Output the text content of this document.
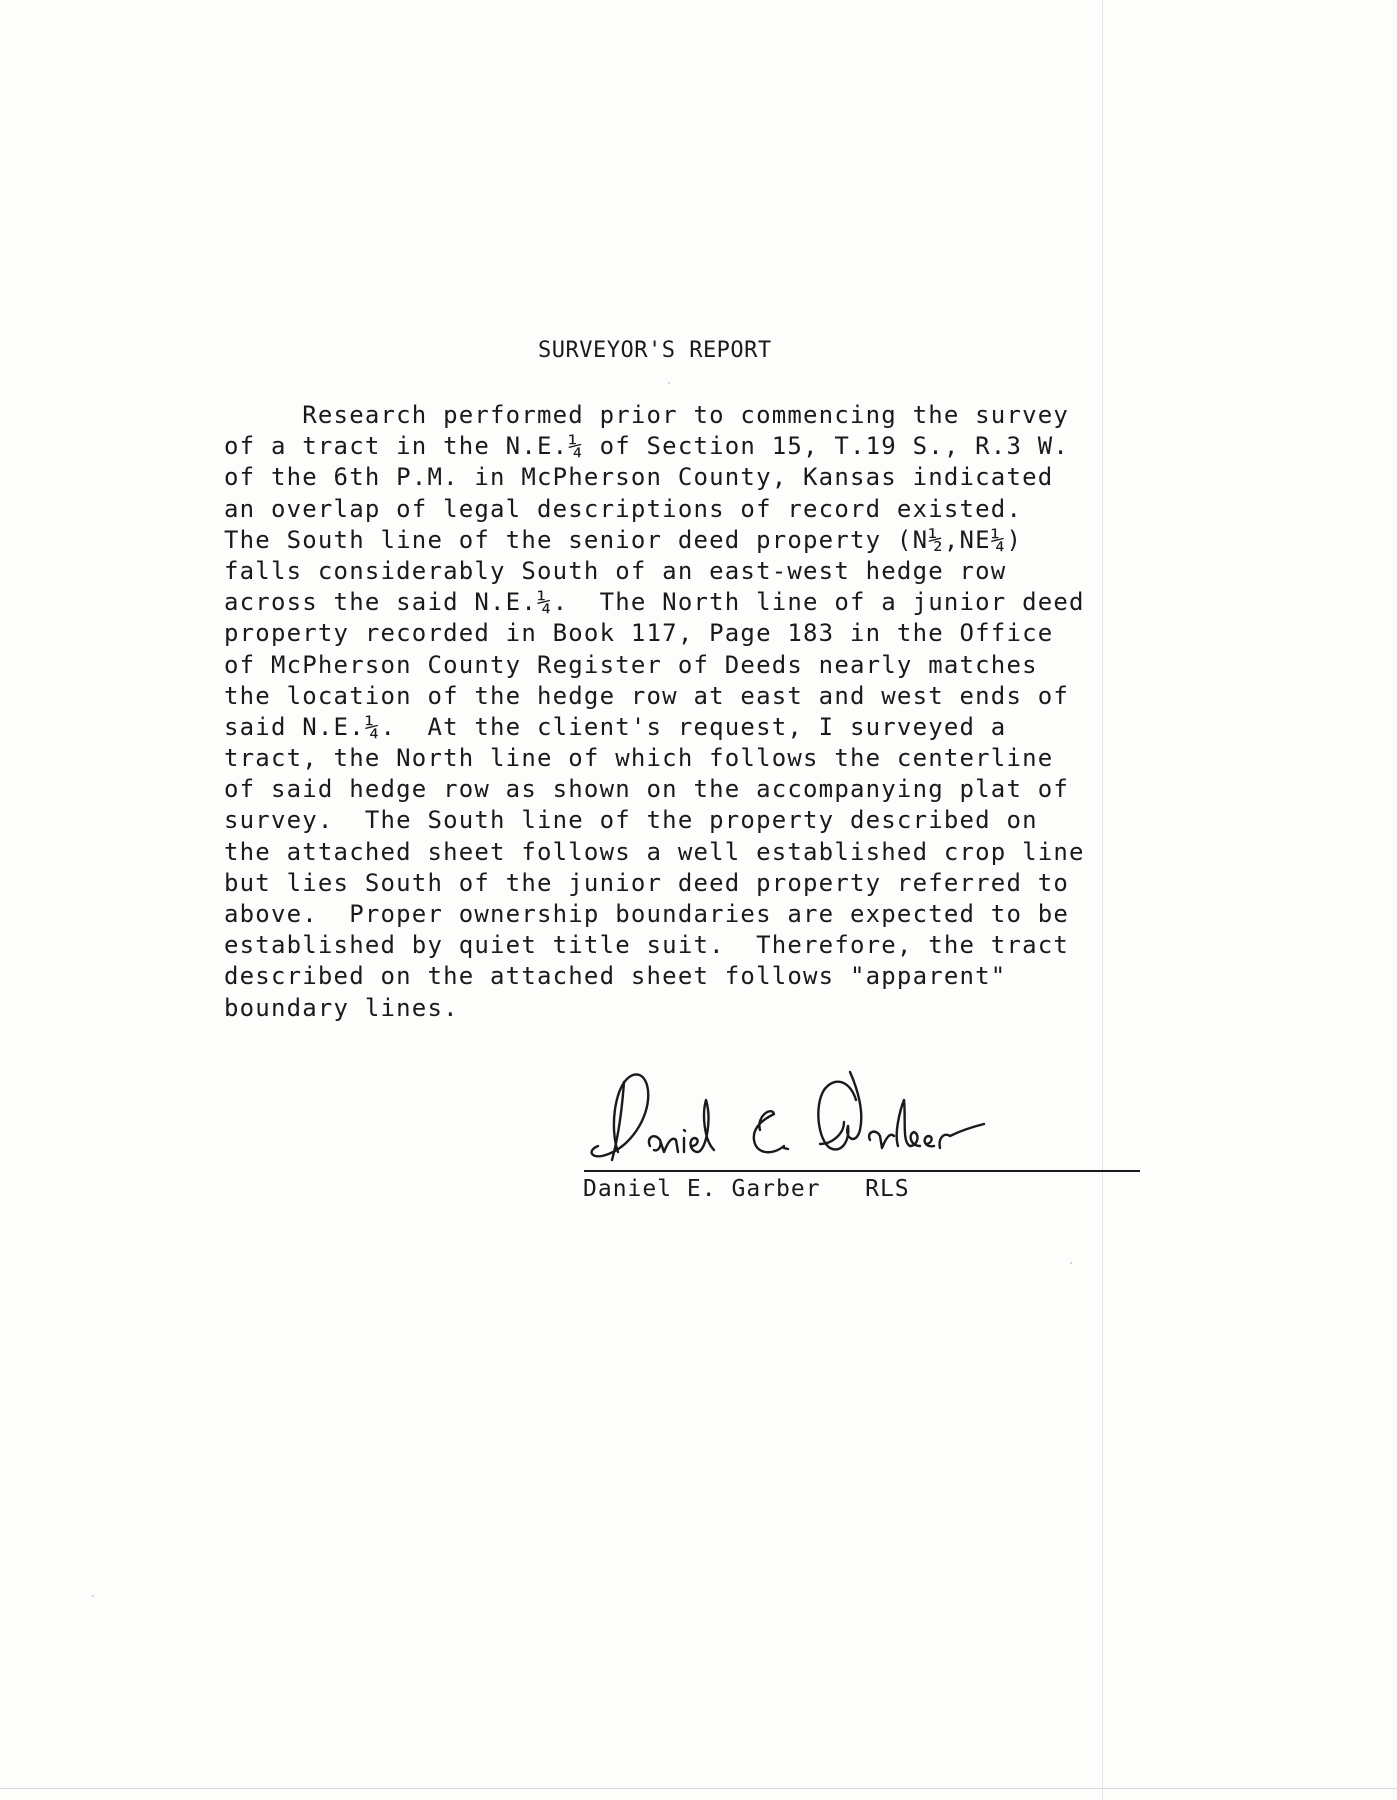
SURVEYOR'S REPORT
Research performed prior to commencing the survey
of a tract in the N.E.¼ of Section 15, T.19 S., R.3 W.
of the 6th P.M. in McPherson County, Kansas indicated
an overlap of legal descriptions of record existed.
The South line of the senior deed property (N½,NE¼)
falls considerably South of an east-west hedge row
across the said N.E.¼.  The North line of a junior deed
property recorded in Book 117, Page 183 in the Office
of McPherson County Register of Deeds nearly matches
the location of the hedge row at east and west ends of
said N.E.¼.  At the client's request, I surveyed a
tract, the North line of which follows the centerline
of said hedge row as shown on the accompanying plat of
survey.  The South line of the property described on
the attached sheet follows a well established crop line
but lies South of the junior deed property referred to
above.  Proper ownership boundaries are expected to be
established by quiet title suit.  Therefore, the tract
described on the attached sheet follows "apparent"
boundary lines.
Daniel E. Garber RLS
